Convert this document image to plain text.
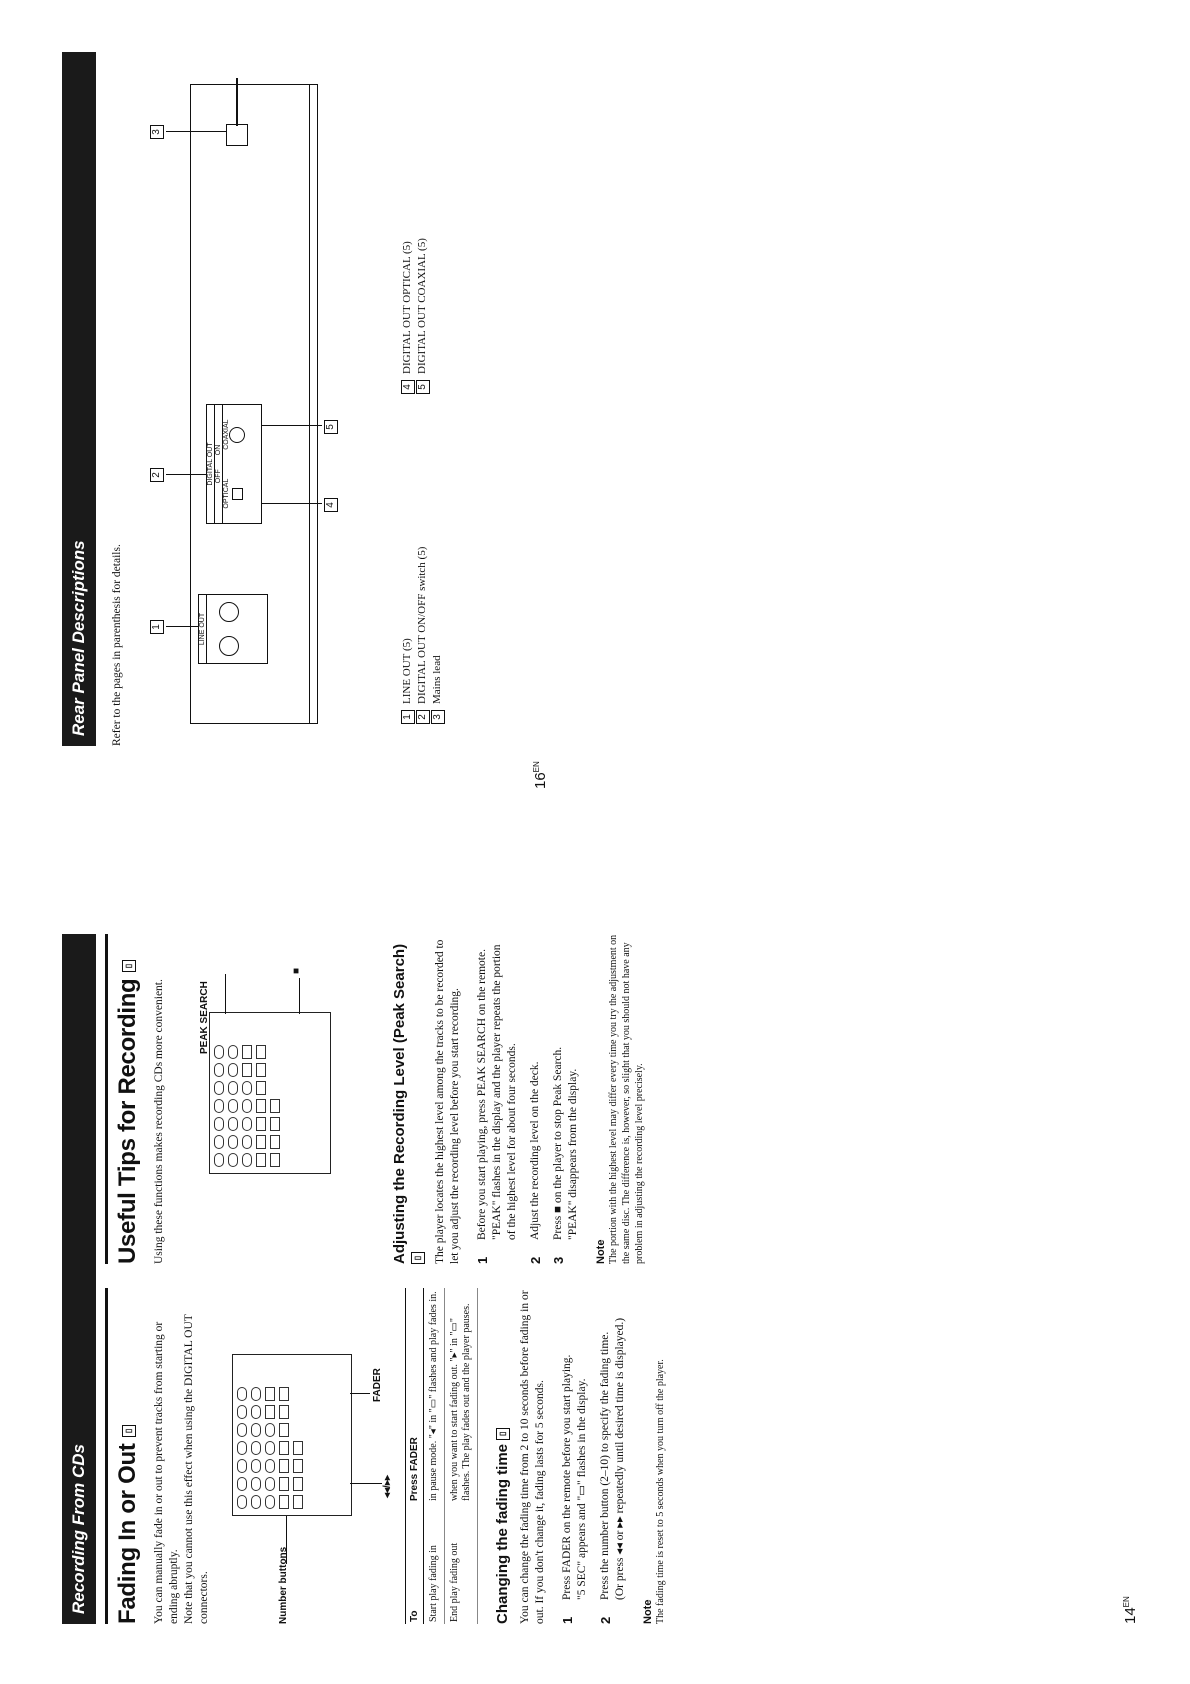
Recording From CDs	Fading In or Out ▯	You can manually fade in or out to prevent tracks from starting or ending abruptly. Note that you cannot use this effect when using the DIGITAL OUT connectors.	Number buttons
FADER
◂◂/▸▸
To	Press FADER
Start play fading in	in pause mode. "◂" in "▭" flashes and play fades in.
End play fading out	when you want to start fading out. "▸" in "▭" flashes. The play fades out and the player pauses.
Changing the fading time ▯	You can change the fading time from 2 to 10 seconds before fading in or out. If you don't change it, fading lasts for 5 seconds. 1
Press FADER on the remote before you start playing. "5 SEC" appears and "▭" flashes in the display.
2
Press the number button (2–10) to specify the fading time. (Or press ◂◂ or ▸▸ repeatedly until desired time is displayed.)
Note The fading time is reset to 5 seconds when you turn off the player.
Useful Tips for Recording ▯
Using these functions makes recording CDs more convenient.	PEAK SEARCH
■	Adjusting the Recording Level (Peak Search) ▯	The player locates the highest level among the tracks to be recorded to let you adjust the recording level before you start recording. 1
Before you start playing, press PEAK SEARCH on the remote. "PEAK" flashes in the display and the player repeats the portion of the highest level for about four seconds.
2
Adjust the recording level on the deck.
3
Press ■ on the player to stop Peak Search. "PEAK" disappears from the display.
Note The portion with the highest level may differ every time you try the adjustment on the same disc. The difference is, however, so slight that you should not have any problem in adjusting the recording level precisely.
$14^{EN}$
Rear Panel Descriptions	Refer to the pages in parenthesis for details.	1
2
3
LINE OUT
DIGITAL OUT OFF
ON
OPTICAL
COAXIAL
4
5
1LINE OUT (5)
2DIGITAL OUT ON/OFF switch (5)
3Mains lead
4DIGITAL OUT OPTICAL (5)
5DIGITAL OUT COAXIAL (5)
$16^{EN}$
